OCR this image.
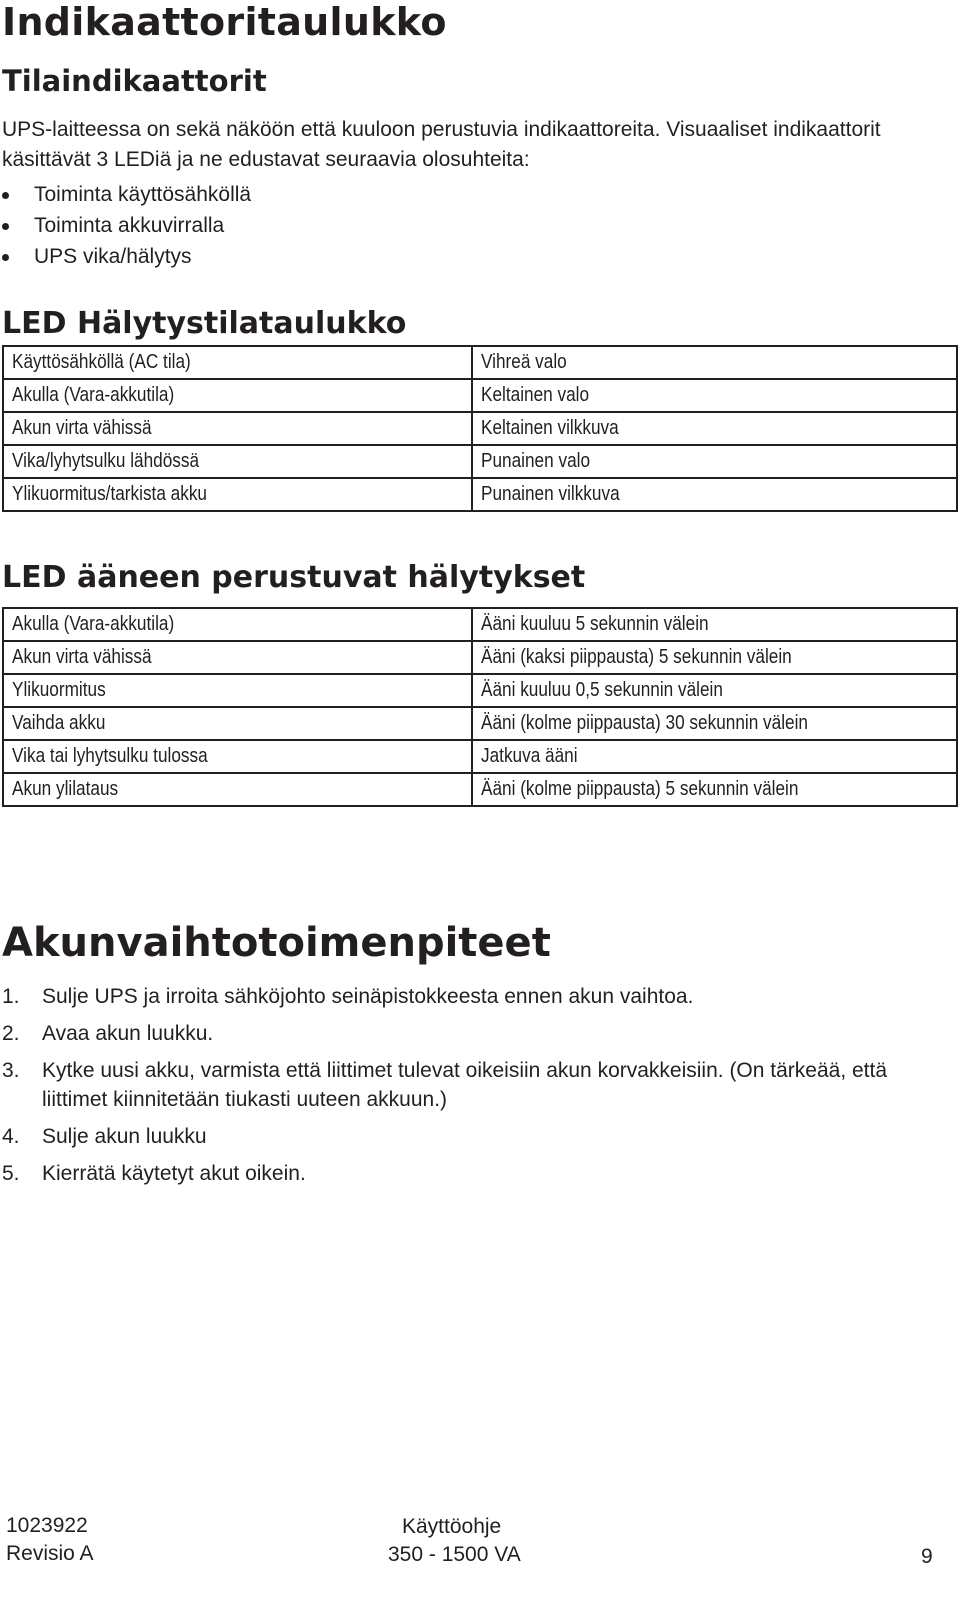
Indikaattoritaulukko
Tilaindikaattorit
UPS-laitteessa on sekä näköön että kuuloon perustuvia indikaattoreita. Visuaaliset indikaattorit käsittävät 3 LEDiä ja ne edustavat seuraavia olosuhteita:
Toiminta käyttösähköllä
Toiminta akkuvirralla
UPS vika/hälytys
LED Hälytystilataulukko
Käyttösähköllä (AC tila)	Vihreä valo
Akulla (Vara-akkutila)	Keltainen valo
Akun virta vähissä	Keltainen vilkkuva
Vika/lyhytsulku lähdössä	Punainen valo
Ylikuormitus/tarkista akku	Punainen vilkkuva
LED ääneen perustuvat hälytykset
Akulla (Vara-akkutila)	Ääni kuuluu 5 sekunnin välein
Akun virta vähissä	Ääni (kaksi piippausta) 5 sekunnin välein
Ylikuormitus	Ääni kuuluu 0,5 sekunnin välein
Vaihda akku	Ääni (kolme piippausta) 30 sekunnin välein
Vika tai lyhytsulku tulossa	Jatkuva ääni
Akun ylilataus	Ääni (kolme piippausta) 5 sekunnin välein
Akunvaihtotoimenpiteet
1. Sulje UPS ja irroita sähköjohto seinäpistokkeesta ennen akun vaihtoa.
2. Avaa akun luukku.
3. Kytke uusi akku, varmista että liittimet tulevat oikeisiin akun korvakkeisiin. (On tärkeää, että liittimet kiinnitetään tiukasti uuteen akkuun.)
4. Sulje akun luukku
5. Kierrätä käytetyt akut oikein.
1023922
Revisio A
Käyttöohje
350 - 1500 VA	9
